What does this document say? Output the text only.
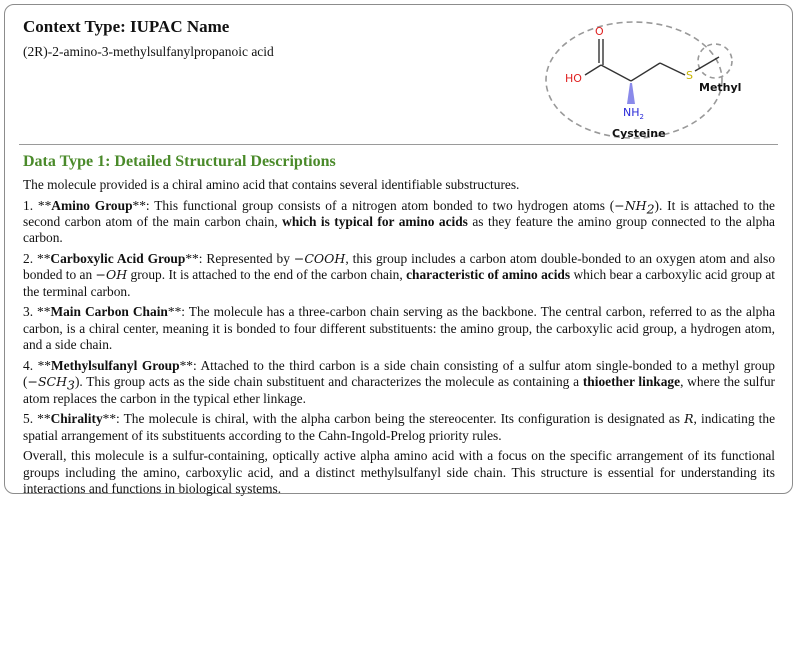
Context Type: IUPAC Name
(2R)-2-amino-3-methylsulfanylpropanoic acid
O
HO
$NH_2$
S
Methyl
Cysteine
Data Type 1: Detailed Structural Descriptions

The molecule provided is a chiral amino acid that contains several identifiable substructures.

1. **Amino Group**: This functional group consists of a nitrogen atom bonded to two hydrogen atoms $(-NH_2)$. It is attached to the second carbon atom of the main carbon chain, which is typical for amino acids as they feature the amino group connected to the alpha carbon.

2. **Carboxylic Acid Group**: Represented by −COOH, this group includes a carbon atom double-bonded to an oxygen atom and also bonded to an −OH group. It is attached to the end of the carbon chain, characteristic of amino acids which bear a carboxylic acid group at the terminal carbon.

3. **Main Carbon Chain**: The molecule has a three-carbon chain serving as the backbone. The central carbon, referred to as the alpha carbon, is a chiral center, meaning it is bonded to four different substituents: the amino group, the carboxylic acid group, a hydrogen atom, and a side chain.

4. **Methylsulfanyl Group**: Attached to the third carbon is a side chain consisting of a sulfur atom single-bonded to a methyl group $(-SCH_3)$. This group acts as the side chain substituent and characterizes the molecule as containing a thioether linkage, where the sulfur atom replaces the carbon in the typical ether linkage.

5. **Chirality**: The molecule is chiral, with the alpha carbon being the stereocenter. Its configuration is designated as R, indicating the spatial arrangement of its substituents according to the Cahn-Ingold-Prelog priority rules.

Overall, this molecule is a sulfur-containing, optically active alpha amino acid with a focus on the specific arrangement of its functional groups including the amino, carboxylic acid, and a distinct methylsulfanyl side chain. This structure is essential for understanding its interactions and functions in biological systems.
